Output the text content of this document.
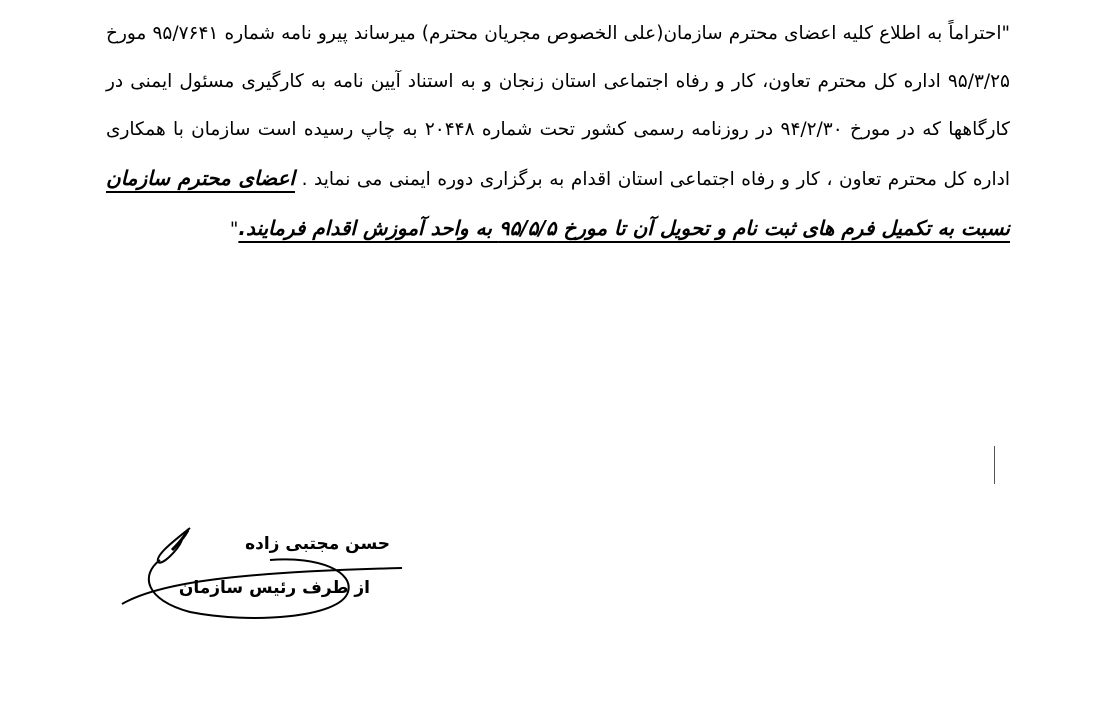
"احتراماً به اطلاع کلیه اعضای محترم سازمان(علی الخصوص مجریان محترم) میرساند پیرو نامه شماره ۹۵/۷۶۴۱ مورخ ۹۵/۳/۲۵ اداره کل محترم تعاون، کار و رفاه اجتماعی استان زنجان و به استناد آیین نامه به کارگیری مسئول ایمنی در کارگاهها که در مورخ ۹۴/۲/۳۰ در روزنامه رسمی کشور تحت شماره ۲۰۴۴۸ به چاپ رسیده است سازمان با همکاری اداره کل محترم تعاون ، کار و رفاه اجتماعی استان اقدام به برگزاری دوره ایمنی می نماید . اعضای محترم سازمان نسبت به تکمیل فرم های ثبت نام و تحویل آن تا مورخ ۹۵/۵/۵ به واحد آموزش اقدام فرمایند."
حسن مجتبی زاده
از طرف رئیس سازمان
